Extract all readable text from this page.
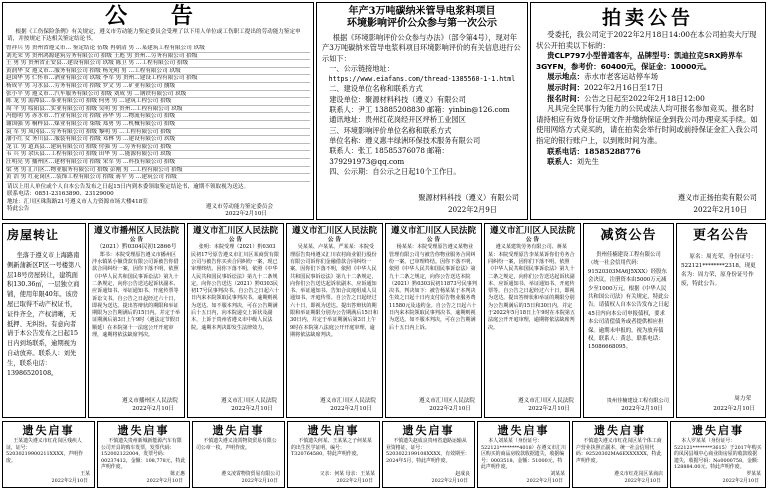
公 告
根据《工伤保险条例》有关规定，遵义市劳动能力鉴定委员会受理了以下用人单位或工伤职工提出的劳动能力鉴定申请，并按规定下达相关鉴定结论书。
曾祥兵 男 贵州省遵义市… 鉴定结论 伍级 冉朝清 男 …某建筑工程有限公司 玖级
刘光荣 男 贵州鸿源建筑劳务有限公司 拾级 王彪 男 贵州…劳务有限公司 拾级
王 勇 男 贵州省正安县…建设有限公司 玖级 陈卫 男 …工程有限公司 拾级
黄润华 女 遵义市…服务有限公司 拾级 杨光明 男 …工程有限公司 玖级
赵国华 男 仁怀市…酒业有限公司 玖级 李军 男 贵州…建设工程有限公司 拾级
杨成平 男 习水县…劳务有限公司 拾级 罗文 男 …矿业有限公司 捌级
张小平 男 遵义市…汽车服务有限公司 拾级 刘成 男 …钢铁有限公司 玖级
陈 龙 男 湄潭县…茶业有限公司 拾级 何勇 男 …建筑工程公司 拾级
周 平 男 绥阳县…实业有限公司 拾级 吴明 男 贵州…工程有限公司 玖级
冯德明 男 赤水市…竹业有限公司 拾级 孙华 男 …物流有限公司 拾级
谢国强 男 桐梓县…煤业有限公司 柒级 郑勇 男 …机械有限公司 拾级
袁 军 男 凤冈县…劳务有限公司 拾级 黎明 男 …工程有限公司 拾级
潘小红 女 务川县…服装有限公司 拾级 邓林 男 …建设有限公司 玖级
龙 江 男 道真县…建筑有限公司 拾级 付强 男 …劳务有限公司 拾级
韦 兵 男 余庆县…工程有限公司 拾级 田华 男 …能源有限公司 玖级
汪明亮 男 播州区…建材有限公司 拾级 宋军 男 …科技有限公司 拾级
梁 勇 男 汇川区…物业服务有限公司 拾级 彭刚 男 …工程有限公司 拾级
黄 浩 男 红花岗区…装饰工程有限公司 拾级 蒋平 男 …建筑公司 拾级
请以上用人单位或个人自本公告发布之日起15日内到本委领取鉴定结论书，逾期不领取视为送达。
联系电话：0851-23163890、23129000
地址：汇川区珠海路21号遵义市人力资源市场大楼418室
特此公告	遵义市劳动能力鉴定委员会
2022年2月10日
年产3万吨碳纳米管导电浆料项目
环境影响评价公众参与第一次公示
根据《环境影响评价公众参与办法》（部令第4号），现对年产3万吨碳纳米管导电浆料项目环境影响评价的有关信息进行公示如下：
一、公示链接地址：
https://www.eiafans.com/thread-1385560-1-1.html
二、建设单位名称和联系方式
建设单位：聚源材料科技（遵义）有限公司
联系人：尹工 13885208830 邮箱：yinbin@126.com
通讯地址：贵州红花岗经开区坪桥工业园区
三、环境影响评价单位名称和联系方式
单位名称：遵义惠丰绿洲环保技术服务有限公司
联系人：张工 18585376078 邮箱：379291973@qq.com
四、公示期：自公示之日起10个工作日。
聚源材料科技（遵义）有限公司
2022年2月9日
拍卖公告
受委托，我公司定于2022年2月18日14:00在本公司拍卖大厅现状公开拍卖以下标的：
贵CLP797小型普通客车，品牌型号：凯迪拉克SRX跨界车3GYFN，参考价：60400元，保证金：10000元。
展示地点：赤水市老客运站停车场
展示时间：2022年2月16日至17日
报名时间：公告之日起至2022年2月18日12:00
凡具完全民事行为能力的公民或法人均可报名参加竞买。报名时请持相应有效身份证明文件并缴纳保证金到我公司办理竞买手续。如使用网络方式竞买的，请在拍卖会举行时间或前持保证金汇入我公司指定的银行账户上，以到账时间为准。
联系电话：18585288776
联系人：刘先生
遵义市正扬拍卖有限公司
2022年2月10日
房屋转让
坐落于遵义市上海路南侧新蒲新区F区一号楼第八层18号房屋转让，建筑面积130.36㎡，一层独立商铺，使用年限40年。该房屋已取得不动产权证书，证件齐全，产权清晰，无抵押、无纠纷。有意向者请于本公告发布之日起15日内到场联系，逾期视为自动放弃。联系人：刘先生，联系电话：13986520108。
遵义市播州区人民法院
公 告
（2021）黔0304民初12866号
郑书：本院受理原告遵义市播州区泮水镇某小额贷款有限公司诉被告你借款合同纠纷一案，因你下落不明，依照《中华人民共和国民事诉讼法》第九十二条规定，向你公告送达起诉状副本、应诉通知书、举证通知书、开庭传票等诉讼文书。自公告之日起经过六十日，即视为送达。提出答辩状的期限和举证期限为公告期满后的15日内。并定于举证期满后第3日上午9时（遇法定节假日顺延）在本院第十一法庭公开开庭审理，逾期将依法缺席判决。
遵义市播州区人民法院
2022年2月10日
遵义市汇川区人民法院
公 告
张明：本院受理（2021）黔0303民初17号原告遵义市汇川区某商贸有限公司与被告你买卖合同纠纷一案，现已审理终结。因你下落不明，依照《中华人民共和国民事诉讼法》第九十二条规定，向你公告送达（2021）黔0303民初17号民事判决书。自公告之日起六十日内来本院领取民事判决书，逾期则视为送达。如不服本判决，可在公告期满后十五日内，向本院递交上诉状及副本，上诉于贵州省遵义市中级人民法院。逾期本判决即发生法律效力。
遵义市汇川区人民法院
2022年2月10日
遵义市汇川区人民法院
公 告
吴某某、卢某某、严某某：本院受理原告贵州遵义汇川农村商业银行股份有限公司诉你们金融借款合同纠纷一案，因你们下落不明，依照《中华人民共和国民事诉讼法》第九十二条规定，向你们公告送达起诉状副本、应诉通知书、举证通知书、告知合议庭组成人员通知书、开庭传票。自公告之日起经过六十日，即视为送达。提出答辩状的期限和举证期限分别为公告期满后15日和30日内，并定于举证期满后第3日上午9时在本院第八法庭公开开庭审理，逾期将依法缺席判决。
遵义市汇川区人民法院
2022年2月10日
遵义市汇川区人民法院
公 告
杨某某：本院受理原告遵义某物业管理有限公司与被告你物业服务合同纠纷一案，已审理终结。因你下落不明，依照《中华人民共和国民事诉讼法》第九十二条之规定，向你公告送达本院（2021）黔0303民初11873号民事判决书。判决如下：被告杨某某于本判决生效之日起十日内支付原告物业服务费11580元及违约金。自公告之日起六十日内来本院领取民事判决书，逾期则视为送达。如不服本判决，可在公告期满后十五日内上诉。
遵义市汇川区人民法院
2022年2月10日
遵义市汇川区人民法院
公 告
遵义某建筑劳务有限公司、蒋某某：本院受理原告李某某诉你们劳务合同纠纷一案，因你们下落不明，依照《中华人民共和国民事诉讼法》第九十二条之规定，向你们公告送达起诉状副本、应诉通知书、举证通知书、开庭传票等。自公告之日起经过六十日，即视为送达。提出答辩状和举证的期限分别为公告期满后的15日和30日内，并定于2022年5月18日上午9时在本院第五法庭公开开庭审理，逾期将依法缺席判决。
遵义市汇川区人民法院
2022年2月10日
减资公告
贵州佳楠建设工程有限公司（统一社会信用代码：91520303MA6J5XXX）经股东会决议，注册资本由5000万元减少至1000万元。根据《中华人民共和国公司法》有关规定，特此公告。请债权人自本公告发布之日起45日内向本公司申报债权，要求本公司清偿债务或者提供相应担保。逾期未申报的，视为放弃债权。联系人：黄总，联系电话：15086668095。
贵州佳楠建设工程有限公司
2022年2月10日
更名公告
原名：周光荣，身份证号：522121********2318，现更名为：周力荣，原身份证号作废，特此公告。
周力荣
2022年2月10日
遗失启事
王某遗失遵义市红花岗区残疾人证，证号：52030219900211XXXX，声明作废。
王某
2022年2月10日
遗失启事
不慎遗失贵州新城新能源汽车有限公司开具的购车发票，发票代码：152002122004，发票号码：00237412，金额：108,778元，特此声明作废。
陈正惠
2022年2月10日
遗失启事
不慎遗失遵义凌霄物资贸易有限公司公章一枚，声明作废。
遵义凌霄物资贸易有限公司
2022年2月10日
遗失启事
不慎遗失何某、王某某之子何某某的出生医学证明，编号：T320764580，特此声明作废。
父亲：何某 母亲：王某某
2022年2月10日
遗失启事
不慎遗失赵成良贵州省道路运输从业资格证，证号：5203022199108XXXX，有效期至：2024年5月，特此声明作废。
赵成良
2022年2月10日
遗失启事
本人刘某某（身份证号：522121********4018）在遵义市汇川区购买的商品房收款收据遗失，收据编号：0003518，金额：51000元，特此声明作废。
刘某某
2022年2月10日
遗失启事
不慎遗失遵义市红花岗区某个体工商户营业执照正副本，统一社会信用代码：92520302MA6EXXXXXX，特此声明作废。
遵义市红花岗区某商店
2022年2月10日
遗失启事
本人罗某某（身份证号：522121********3615）于2017年购买的凤冈县城中心商业街房屋的收款收据遗失，收据号码：No0000758，金额：128884.00元，特此声明作废。
罗某某
2022年2月10日
